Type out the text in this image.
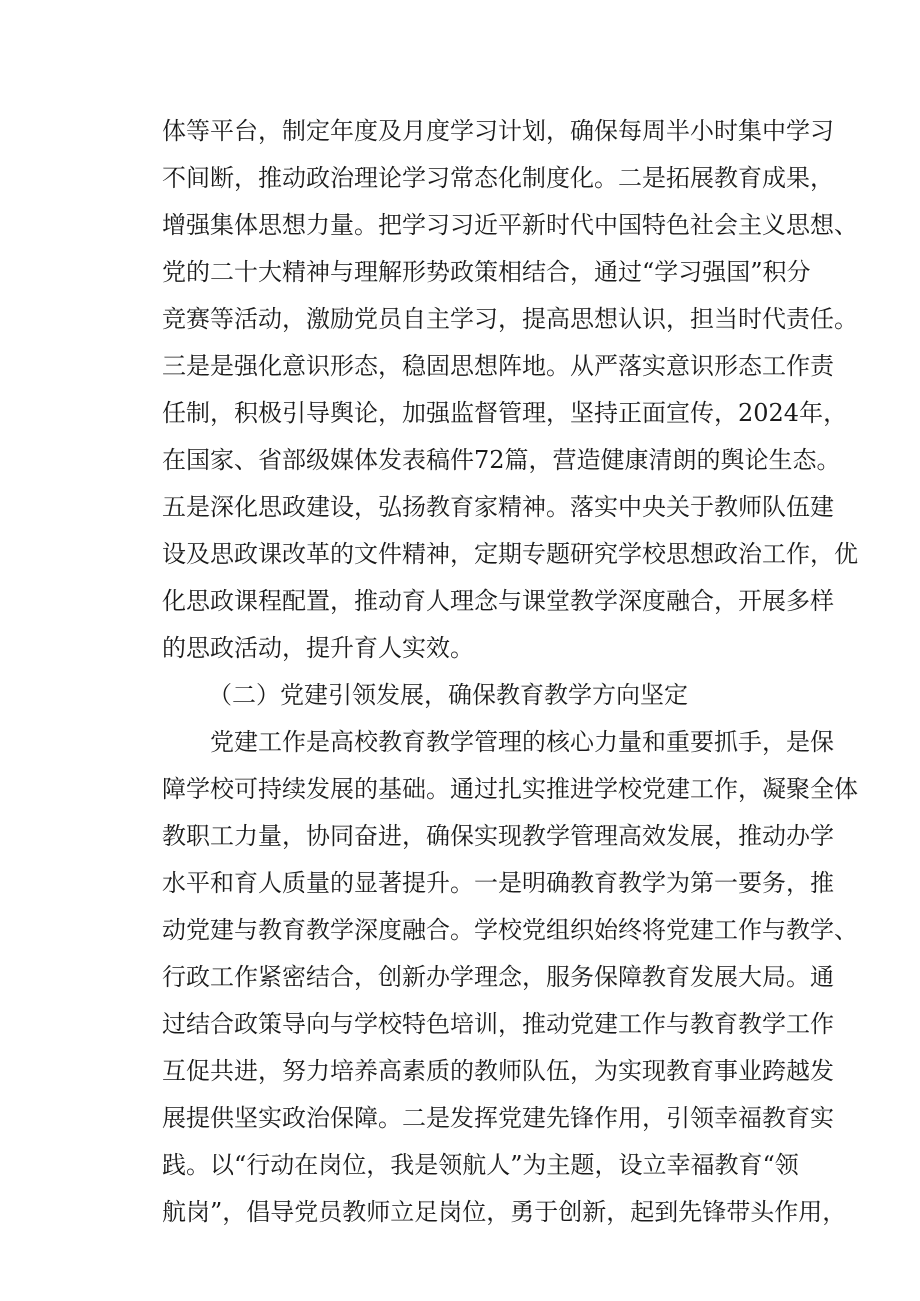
体等平台，制定年度及月度学习计划，确保每周半小时集中学习
不间断，推动政治理论学习常态化制度化。二是拓展教育成果，
增强集体思想力量。把学习习近平新时代中国特色社会主义思想、
党的二十大精神与理解形势政策相结合，通过“学习强国”积分
竞赛等活动，激励党员自主学习，提高思想认识，担当时代责任。
三是是强化意识形态，稳固思想阵地。从严落实意识形态工作责
任制，积极引导舆论，加强监督管理，坚持正面宣传，2024年，
在国家、省部级媒体发表稿件72篇，营造健康清朗的舆论生态。
五是深化思政建设，弘扬教育家精神。落实中央关于教师队伍建
设及思政课改革的文件精神，定期专题研究学校思想政治工作，优
化思政课程配置，推动育人理念与课堂教学深度融合，开展多样
的思政活动，提升育人实效。
（二）党建引领发展，确保教育教学方向坚定
党建工作是高校教育教学管理的核心力量和重要抓手，是保
障学校可持续发展的基础。通过扎实推进学校党建工作，凝聚全体
教职工力量，协同奋进，确保实现教学管理高效发展，推动办学
水平和育人质量的显著提升。一是明确教育教学为第一要务，推
动党建与教育教学深度融合。学校党组织始终将党建工作与教学、
行政工作紧密结合，创新办学理念，服务保障教育发展大局。通
过结合政策导向与学校特色培训，推动党建工作与教育教学工作
互促共进，努力培养高素质的教师队伍，为实现教育事业跨越发
展提供坚实政治保障。二是发挥党建先锋作用，引领幸福教育实
践。以“行动在岗位，我是领航人”为主题，设立幸福教育“领
航岗”，倡导党员教师立足岗位，勇于创新，起到先锋带头作用，
